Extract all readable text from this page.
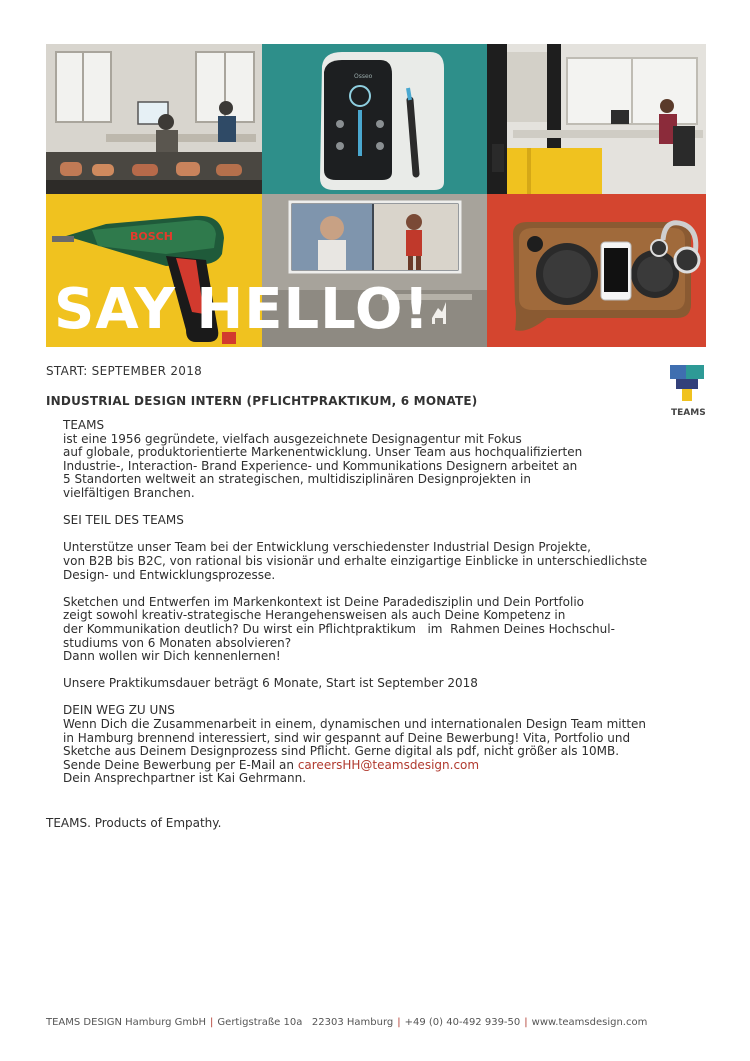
Osseo
BOSCH
SAY HELLO!
START: SEPTEMBER 2018
INDUSTRIAL DESIGN INTERN (PFLICHTPRAKTIKUM, 6 MONATE)
TEAMS

TEAMS

ist eine 1956 gegründete, vielfach ausgezeichnete Designagentur mit Fokus

auf globale, produktorientierte Markenentwicklung. Unser Team aus hochqualifizierten

Industrie-, Interaction- Brand Experience- und Kommunikations Designern arbeitet an

5 Standorten weltweit an strategischen, multidisziplinären Designprojekten in

vielfältigen Branchen.

SEI TEIL DES TEAMS

Unterstütze unser Team bei der Entwicklung verschiedenster Industrial Design Projekte,

von B2B bis B2C, von rational bis visionär und erhalte einzigartige Einblicke in unterschiedlichste

Design- und Entwicklungsprozesse.

Sketchen und Entwerfen im Markenkontext ist Deine Paradedisziplin und Dein Portfolio

zeigt sowohl kreativ-strategische Herangehensweisen als auch Deine Kompetenz in

der Kommunikation deutlich? Du wirst ein Pflichtpraktikum   im  Rahmen Deines Hochschul-

studiums von 6 Monaten absolvieren?

Dann wollen wir Dich kennenlernen!

Unsere Praktikumsdauer beträgt 6 Monate, Start ist September 2018

DEIN WEG ZU UNS

Wenn Dich die Zusammenarbeit in einem, dynamischen und internationalen Design Team mitten

in Hamburg brennend interessiert, sind wir gespannt auf Deine Bewerbung! Vita, Portfolio und

Sketche aus Deinem Designprozess sind Pflicht. Gerne digital als pdf, nicht größer als 10MB.

Sende Deine Bewerbung per E-Mail an careersHH@teamsdesign.com

Dein Ansprechpartner ist Kai Gehrmann.

TEAMS. Products of Empathy.
TEAMS DESIGN Hamburg GmbH | Gertigstraße 10a 22303 Hamburg | +49 (0) 40-492 939-50 | www.teamsdesign.com
